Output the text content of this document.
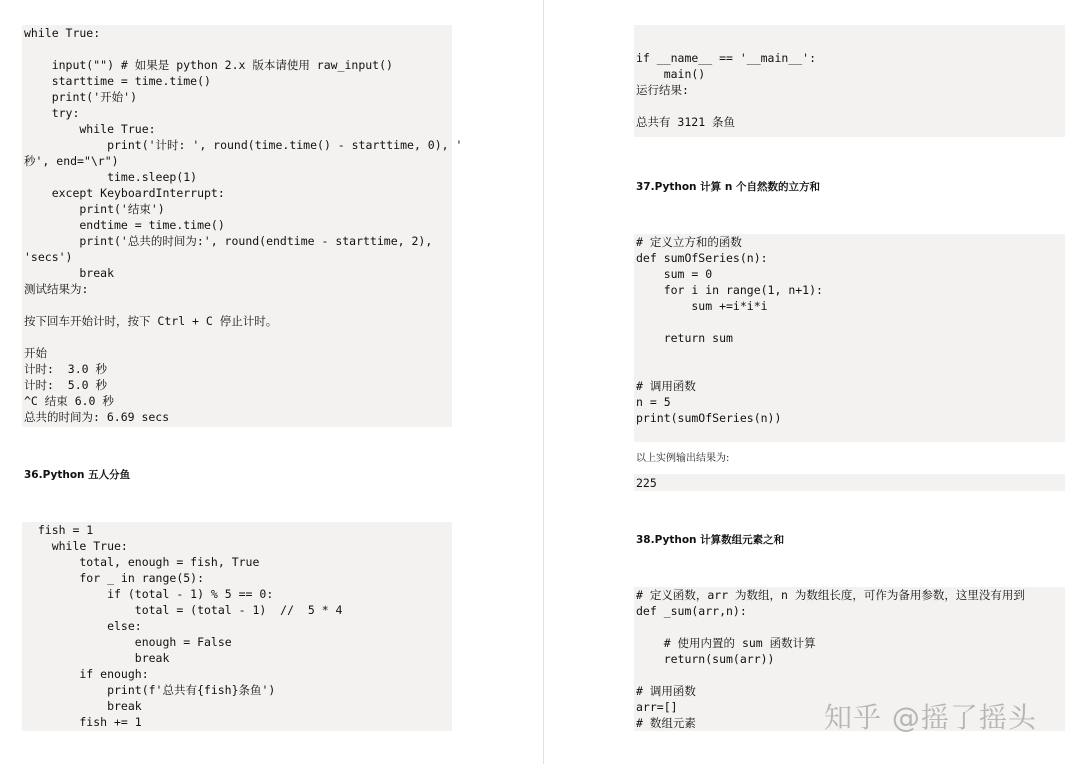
while True:
input("") # 如果是 python 2.x 版本请使用 raw_input()
starttime = time.time()
print('开始')
try:
while True:
print('计时: ', round(time.time() - starttime, 0), '
秒', end="\r")
time.sleep(1)
except KeyboardInterrupt:
print('结束')
endtime = time.time()
print('总共的时间为:', round(endtime - starttime, 2),
'secs')
break
测试结果为:
按下回车开始计时，按下 Ctrl + C 停止计时。
开始
计时:  3.0 秒
计时:  5.0 秒
^C 结束 6.0 秒
总共的时间为: 6.69 secs
36.Python 五人分鱼
fish = 1
while True:
total, enough = fish, True
for _ in range(5):
if (total - 1) % 5 == 0:
total = (total - 1)  //  5 * 4
else:
enough = False
break
if enough:
print(f'总共有{fish}条鱼')
break
fish += 1
if __name__ == '__main__':
main()
运行结果:
总共有 3121 条鱼
37.Python 计算 n 个自然数的立方和
# 定义立方和的函数
def sumOfSeries(n):
sum = 0
for i in range(1, n+1):
sum +=i*i*i
return sum
# 调用函数
n = 5
print(sumOfSeries(n))
以上实例输出结果为:
225
38.Python 计算数组元素之和
# 定义函数，arr 为数组，n 为数组长度，可作为备用参数，这里没有用到
def _sum(arr,n):
# 使用内置的 sum 函数计算
return(sum(arr))
# 调用函数
arr=[]
# 数组元素	知乎 @摇了摇头
